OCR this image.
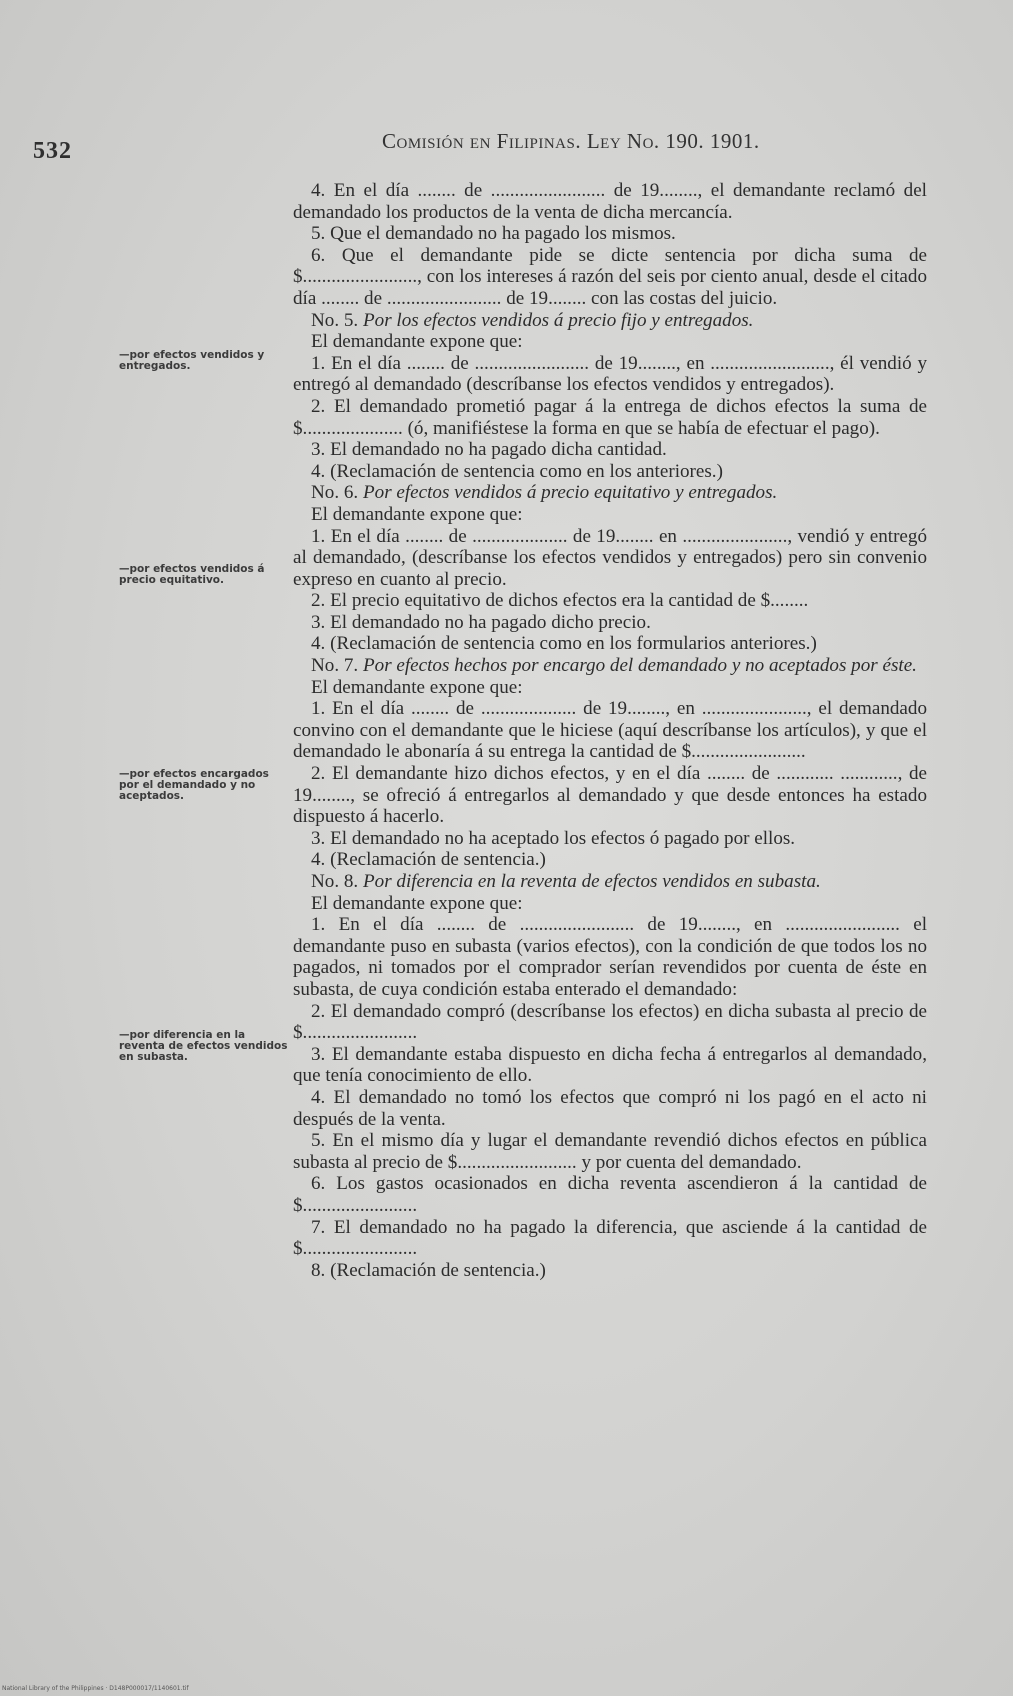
532	Comisión en Filipinas. Ley No. 190. 1901.
—por efectos vendidos y entregados.
—por efectos vendidos á precio equitativo.
—por efectos encargados por el demandado y no aceptados.
—por diferencia en la reventa de efectos vendidos en subasta.

4. En el día ........ de ........................ de 19........, el demandante reclamó del demandado los productos de la venta de dicha mercancía.

5. Que el demandado no ha pagado los mismos.

6. Que el demandante pide se dicte sentencia por dicha suma de $........................, con los intereses á razón del seis por ciento anual, desde el citado día ........ de ........................ de 19........ con las costas del juicio.

No. 5. Por los efectos vendidos á precio fijo y entregados.

El demandante expone que:

1. En el día ........ de ........................ de 19........, en ........................., él vendió y entregó al demandado (descríbanse los efectos vendidos y entregados).

2. El demandado prometió pagar á la entrega de dichos efectos la suma de $..................... (ó, manifiéstese la forma en que se había de efectuar el pago).

3. El demandado no ha pagado dicha cantidad.

4. (Reclamación de sentencia como en los anteriores.)

No. 6. Por efectos vendidos á precio equitativo y entregados.

El demandante expone que:

1. En el día ........ de .................... de 19........ en ......................, vendió y entregó al demandado, (descríbanse los efectos vendidos y entregados) pero sin convenio expreso en cuanto al precio.

2. El precio equitativo de dichos efectos era la cantidad de $........

3. El demandado no ha pagado dicho precio.

4. (Reclamación de sentencia como en los formularios anteriores.)

No. 7. Por efectos hechos por encargo del demandado y no aceptados por éste.

El demandante expone que:

1. En el día ........ de .................... de 19........, en ......................, el demandado convino con el demandante que le hiciese (aquí descríbanse los artículos), y que el demandado le abonaría á su entrega la cantidad de $........................

2. El demandante hizo dichos efectos, y en el día ........ de ............ ............, de 19........, se ofreció á entregarlos al demandado y que desde entonces ha estado dispuesto á hacerlo.

3. El demandado no ha aceptado los efectos ó pagado por ellos.

4. (Reclamación de sentencia.)

No. 8. Por diferencia en la reventa de efectos vendidos en subasta.

El demandante expone que:

1. En el día ........ de ........................ de 19........, en ........................ el demandante puso en subasta (varios efectos), con la condición de que todos los no pagados, ni tomados por el comprador serían revendidos por cuenta de éste en subasta, de cuya condición estaba enterado el demandado:

2. El demandado compró (descríbanse los efectos) en dicha subasta al precio de $........................

3. El demandante estaba dispuesto en dicha fecha á entregarlos al demandado, que tenía conocimiento de ello.

4. El demandado no tomó los efectos que compró ni los pagó en el acto ni después de la venta.

5. En el mismo día y lugar el demandante revendió dichos efectos en pública subasta al precio de $......................... y por cuenta del demandado.

6. Los gastos ocasionados en dicha reventa ascendieron á la cantidad de $........................

7. El demandado no ha pagado la diferencia, que asciende á la cantidad de $........................

8. (Reclamación de sentencia.)

National Library of the Philippines · D148P000017/1140601.tif
